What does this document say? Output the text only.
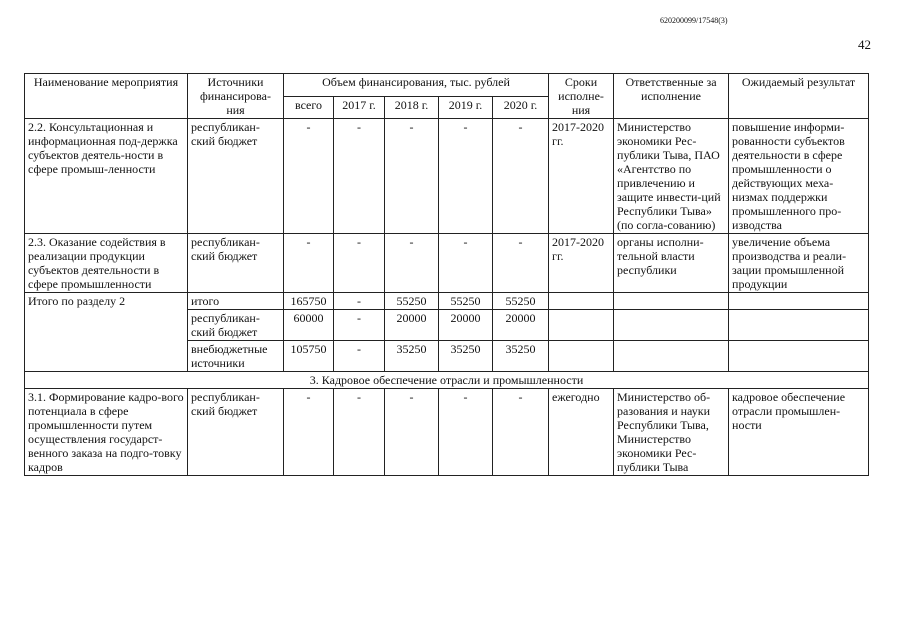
620200099/17548(3)
42
Наименование мероприятия	Источники финансирова-ния	Объем финансирования, тыс. рублей					Сроки исполне-ния	Ответственные за исполнение	Ожидаемый результат
		всего	2017 г.	2018 г.	2019 г.	2020 г.			
2.2. Консультационная и информационная под-держка субъектов деятель-ности в сфере промыш-ленности	республикан-ский бюджет	-	-	-	-	-	2017-2020 гг.	Министерство экономики Рес-публики Тыва, ПАО «Агентство по привлечению и защите инвести-ций Республики Тыва» (по согла-сованию)	повышение информи-рованности субъектов деятельности в сфере промышленности о действующих меха-низмах поддержки промышленного про-изводства
2.3. Оказание содействия в реализации продукции субъектов деятельности в сфере промышленности	республикан-ский бюджет	-	-	-	-	-	2017-2020 гг.	органы исполни-тельной власти республики	увеличение объема производства и реали-зации промышленной продукции
Итого по разделу 2	итого	165750	-	55250	55250	55250			
	республикан-ский бюджет	60000	-	20000	20000	20000			
	внебюджетные источники	105750	-	35250	35250	35250			
3. Кадровое обеспечение отрасли и промышленности									
3.1. Формирование кадро-вого потенциала в сфере промышленности путем осуществления государст-венного заказа на подго-товку кадров	республикан-ский бюджет	-	-	-	-	-	ежегодно	Министерство об-разования и науки Республики Тыва, Министерство экономики Рес-публики Тыва	кадровое обеспечение отрасли промышлен-ности
